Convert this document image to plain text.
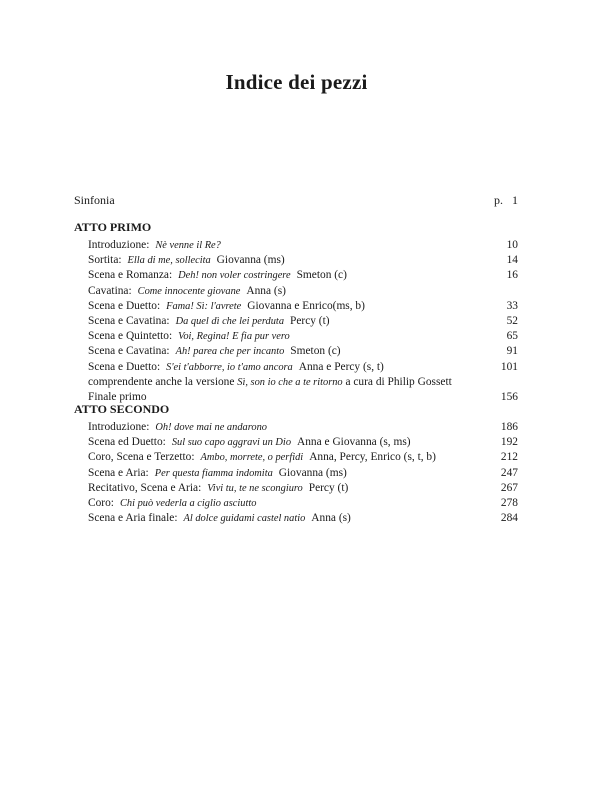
Indice dei pezzi
Sinfonia	p.   1
ATTO PRIMO
Introduzione: Nè venne il Re?	10
Sortita: Ella di me, sollecita Giovanna (ms)	14
Scena e Romanza: Deh! non voler costringere Smeton (c)	16
Cavatina: Come innocente giovane Anna (s)
Scena e Duetto: Fama! Sì: l'avrete Giovanna e Enrico(ms, b)	33
Scena e Cavatina: Da quel dì che lei perduta Percy (t)	52
Scena e Quintetto: Voi, Regina! E fia pur vero	65
Scena e Cavatina: Ah! parea che per incanto Smeton (c)	91
Scena e Duetto: S'ei t'abborre, io t'amo ancora Anna e Percy (s, t)	101
comprendente anche la versione Sì, son io che a te ritorno a cura di Philip Gossett
Finale primo	156
ATTO SECONDO
Introduzione: Oh! dove mai ne andarono	186
Scena ed Duetto: Sul suo capo aggravi un Dio Anna e Giovanna (s, ms)	192
Coro, Scena e Terzetto: Ambo, morrete, o perfidi Anna, Percy, Enrico (s, t, b)	212
Scena e Aria: Per questa fiamma indomita Giovanna (ms)	247
Recitativo, Scena e Aria: Vivi tu, te ne scongiuro Percy (t)	267
Coro: Chi può vederla a ciglio asciutto	278
Scena e Aria finale: Al dolce guidami castel natio Anna (s)	284
